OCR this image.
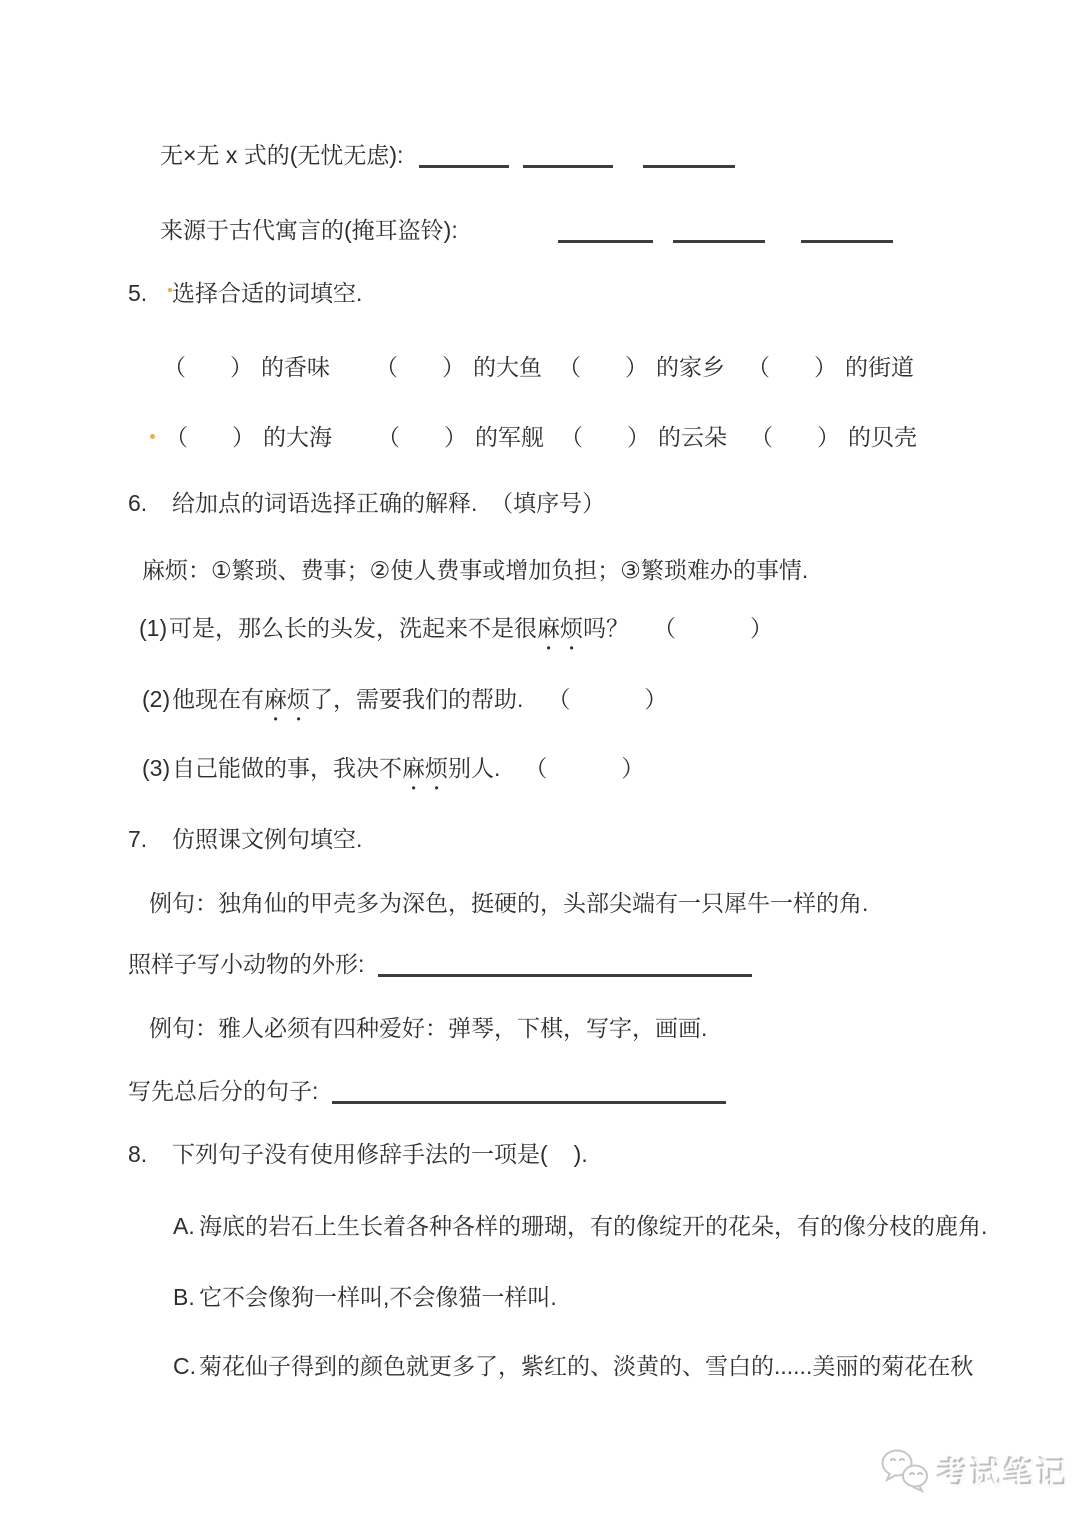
无×无 x 式的(无忧无虑):
来源于古代寓言的(掩耳盗铃):
5. 选择合适的词填空.
（ ） 的香味 （ ） 的大鱼 （ ） 的家乡 （ ） 的街道
（ ） 的大海 （ ） 的军舰 （ ） 的云朵 （ ） 的贝壳
6. 给加点的词语选择正确的解释.  （填序号）
麻烦：①繁琐、费事；②使人费事或增加负担；③繁琐难办的事情.
(1)可是，那么长的头发，洗起来不是很麻烦吗？ （	）
(2)他现在有麻烦了，需要我们的帮助. （	）
(3)自己能做的事，我决不麻烦别人. （	）
7. 仿照课文例句填空.
例句：独角仙的甲壳多为深色，挺硬的，头部尖端有一只犀牛一样的角.
照样子写小动物的外形:
例句：雅人必须有四种爱好：弹琴，下棋，写字，画画.
写先总后分的句子:
8. 下列句子没有使用修辞手法的一项是( ).
A. 海底的岩石上生长着各种各样的珊瑚，有的像绽开的花朵，有的像分枝的鹿角.
B. 它不会像狗一样叫,不会像猫一样叫.
C. 菊花仙子得到的颜色就更多了，紫红的、淡黄的、雪白的......美丽的菊花在秋
考试笔记
